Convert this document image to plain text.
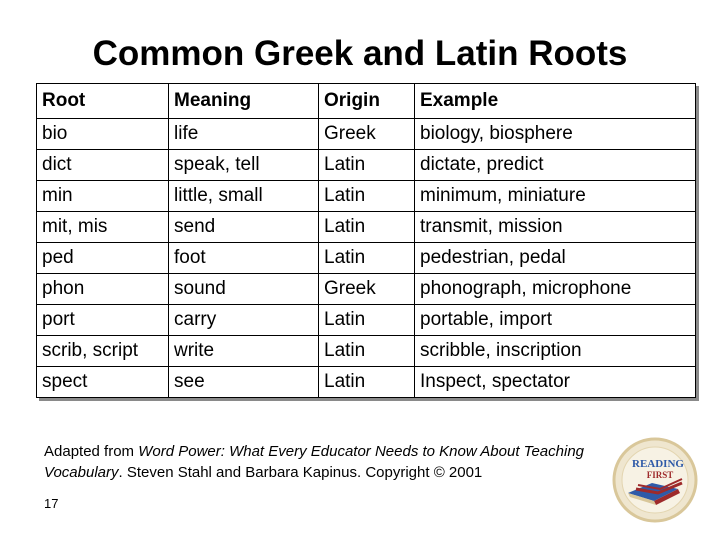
Common Greek and Latin Roots
Root	Meaning	Origin	Example
bio	life	Greek	biology, biosphere
dict	speak, tell	Latin	dictate, predict
min	little, small	Latin	minimum, miniature
mit, mis	send	Latin	transmit, mission
ped	foot	Latin	pedestrian, pedal
phon	sound	Greek	phonograph, microphone
port	carry	Latin	portable, import
scrib, script	write	Latin	scribble, inscription
spect	see	Latin	Inspect, spectator
Adapted from Word Power: What Every Educator Needs to Know About Teaching Vocabulary. Steven Stahl and Barbara Kapinus. Copyright © 2001
17
READING
FIRST
